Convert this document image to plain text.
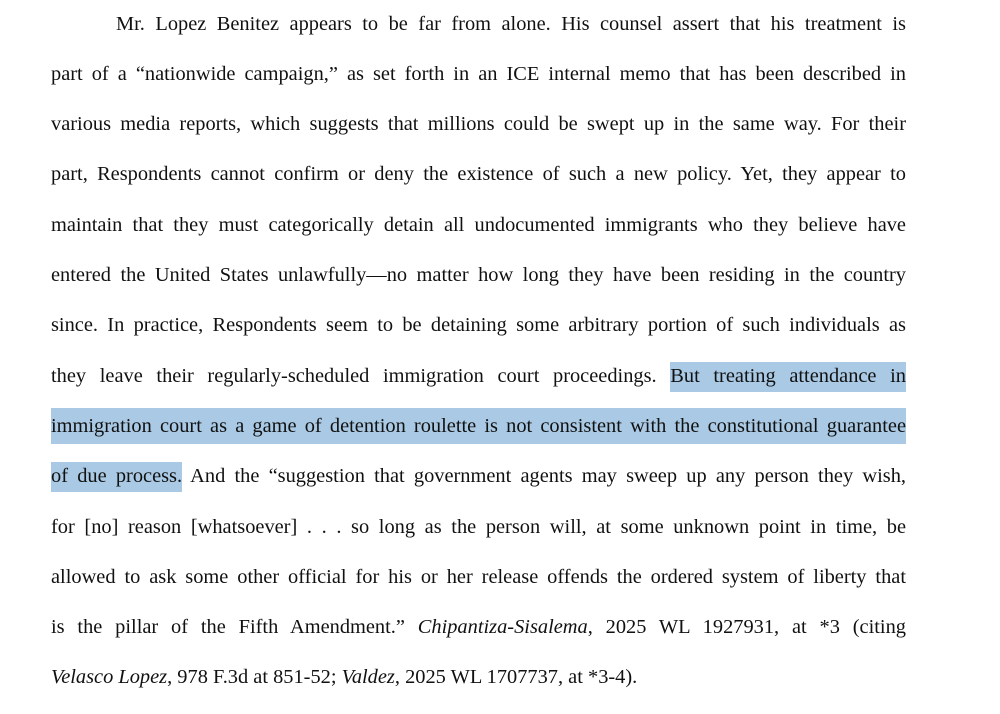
Mr. Lopez Benitez appears to be far from alone. His counsel assert that his treatment is
part of a “nationwide campaign,” as set forth in an ICE internal memo that has been described in
various media reports, which suggests that millions could be swept up in the same way. For their
part, Respondents cannot confirm or deny the existence of such a new policy. Yet, they appear to
maintain that they must categorically detain all undocumented immigrants who they believe have
entered the United States unlawfully—no matter how long they have been residing in the country
since. In practice, Respondents seem to be detaining some arbitrary portion of such individuals as
they leave their regularly-scheduled immigration court proceedings. But treating attendance in
immigration court as a game of detention roulette is not consistent with the constitutional guarantee
of due process. And the “suggestion that government agents may sweep up any person they wish,
for [no] reason [whatsoever] . . . so long as the person will, at some unknown point in time, be
allowed to ask some other official for his or her release offends the ordered system of liberty that
is the pillar of the Fifth Amendment.” Chipantiza-Sisalema, 2025 WL 1927931, at *3 (citing
Velasco Lopez, 978 F.3d at 851-52; Valdez, 2025 WL 1707737, at *3-4).
